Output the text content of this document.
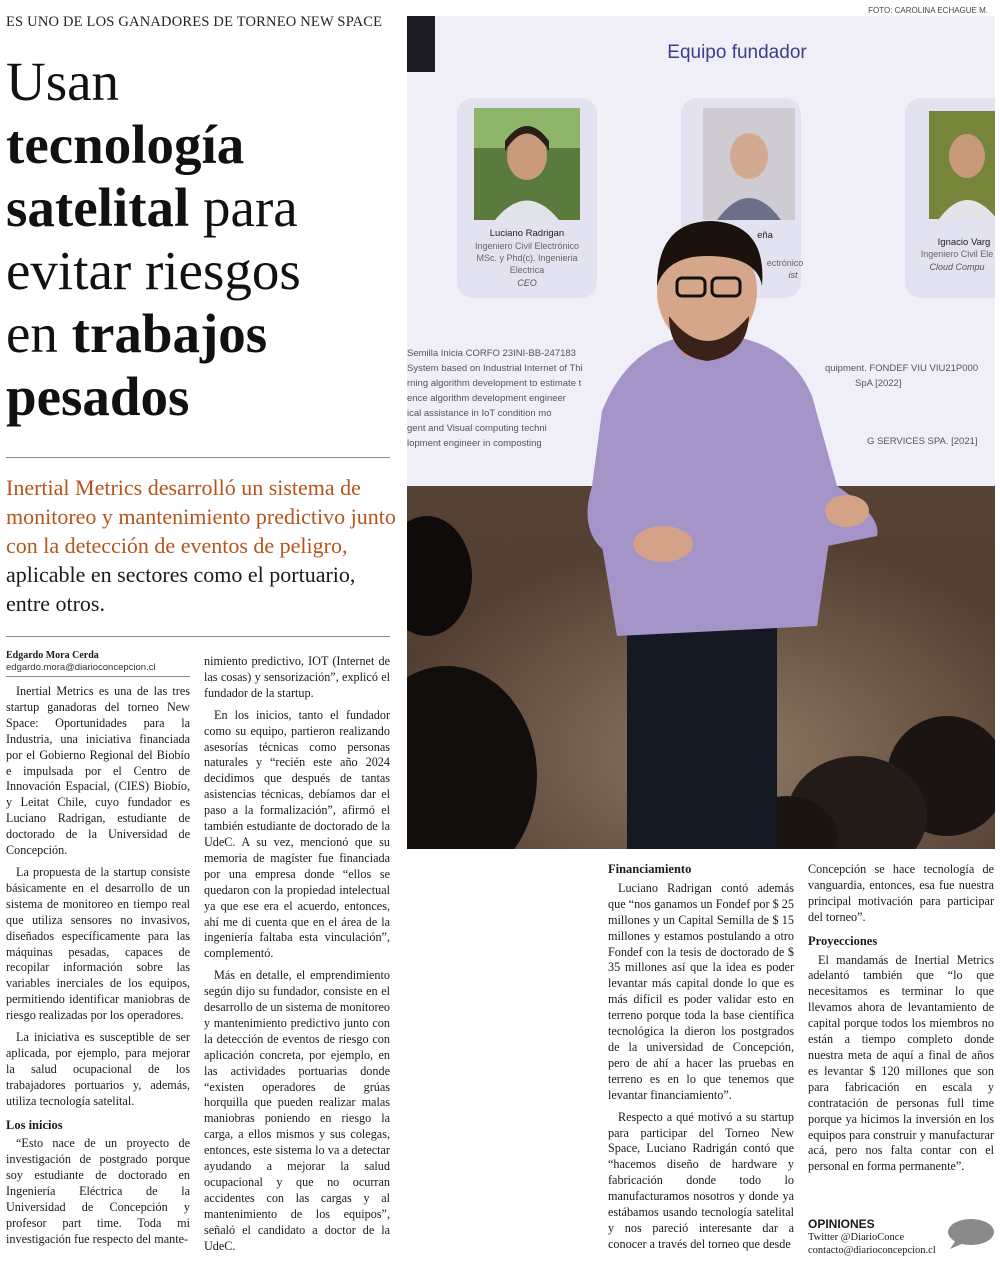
ES UNO DE LOS GANADORES DE TORNEO NEW SPACE
Usan
tecnología
satelital para
evitar riesgos
en trabajos
pesados
Inertial Metrics desarrolló un sistema de monitoreo y mantenimiento predictivo junto con la detección de eventos de peligro, aplicable en sectores como el portuario, entre otros.
Edgardo Mora Cerda
edgardo.mora@diarioconcepcion.cl

Inertial Metrics es una de las tres startup ganadoras del torneo New Space: Oportunidades para la Industria, una iniciativa financiada por el Gobierno Regional del Biobío e impulsada por el Centro de Innovación Espacial, (CIES) Biobío, y Leitat Chile, cuyo fundador es Luciano Radrigan, estudiante de doctorado de la Universidad de Concepción.

La propuesta de la startup consiste básicamente en el desarrollo de un sistema de monitoreo en tiempo real que utiliza sensores no invasivos, diseñados específicamente para las máquinas pesadas, capaces de recopilar información sobre las variables inerciales de los equipos, permitiendo identificar maniobras de riesgo realizadas por los operadores.

La iniciativa es susceptible de ser aplicada, por ejemplo, para mejorar la salud ocupacional de los trabajadores portuarios y, además, utiliza tecnología satelital.

Los inicios

“Esto nace de un proyecto de investigación de postgrado porque soy estudiante de doctorado en Ingeniería Eléctrica de la Universidad de Concepción y profesor part time. Toda mi investigación fue respecto del mante-

nimiento predictivo, IOT (Internet de las cosas) y sensorización”, explicó el fundador de la startup.

En los inicios, tanto el fundador como su equipo, partieron realizando asesorías técnicas como personas naturales y “recién este año 2024 decidimos que después de tantas asistencias técnicas, debíamos dar el paso a la formalización”, afirmó el también estudiante de doctorado de la UdeC. A su vez, mencionó que su memoria de magíster fue financiada por una empresa donde “ellos se quedaron con la propiedad intelectual ya que ese era el acuerdo, entonces, ahí me di cuenta que en el área de la ingeniería faltaba esta vinculación”, complementó.

Más en detalle, el emprendimiento según dijo su fundador, consiste en el desarrollo de un sistema de monitoreo y mantenimiento predictivo junto con la detección de eventos de riesgo con aplicación concreta, por ejemplo, en las actividades portuarias donde “existen operadores de grúas horquilla que pueden realizar malas maniobras poniendo en riesgo la carga, a ellos mismos y sus colegas, entonces, este sistema lo va a detectar ayudando a mejorar la salud ocupacional y que no ocurran accidentes con las cargas y al mantenimiento de los equipos”, señaló el candidato a doctor de la UdeC.

Financiamiento

Luciano Radrigan contó además que “nos ganamos un Fondef por $ 25 millones y un Capital Semilla de $ 15 millones y estamos postulando a otro Fondef con la tesis de doctorado de $ 35 millones así que la idea es poder levantar más capital donde lo que es más difícil es poder validar esto en terreno porque toda la base científica tecnológica la dieron los postgrados de la universidad de Concepción, pero de ahí a hacer las pruebas en terreno es en lo que tenemos que levantar financiamiento”.

Respecto a qué motivó a su startup para participar del Torneo New Space, Luciano Radrigán contó que “hacemos diseño de hardware y fabricación donde todo lo manufacturamos nosotros y donde ya estábamos usando tecnología satelital y nos pareció interesante dar a conocer a través del torneo que desde

Concepción se hace tecnología de vanguardia, entonces, esa fue nuestra principal motivación para participar del torneo”.

Proyecciones

El mandamás de Inertial Metrics adelantó también que “lo que necesitamos es terminar lo que llevamos ahora de levantamiento de capital porque todos los miembros no están a tiempo completo donde nuestra meta de aquí a final de años es levantar $ 120 millones que son para fabricación en escala y contratación de personas full time porque ya hicimos la inversión en los equipos para construir y manufacturar acá, pero nos falta contar con el personal en forma permanente”.

Equipo fundador
Luciano Radrigan
Ingeniero Civil Electrónico
MSc. y Phd(c). Ingenieria
Electrica
CEO
eña
ectrónico
ist
Ignacio Varg
Ingeniero Civil Ele
Cloud Compu
Semilla Inicia CORFO 23INI-BB-247183
System based on Industrial Internet of Thi
rning algorithm development to estimate t
ence algorithm development engineer
ical assistance in IoT condition mo
gent and Visual computing techni
lopment engineer in composting
quipment. FONDEF VIU VIU21P000
SpA [2022]
G SERVICES SPA. [2021]
FOTO: CAROLINA ECHAGUE M.
OPINIONES
Twitter @DiarioConce
contacto@diarioconcepcion.cl
